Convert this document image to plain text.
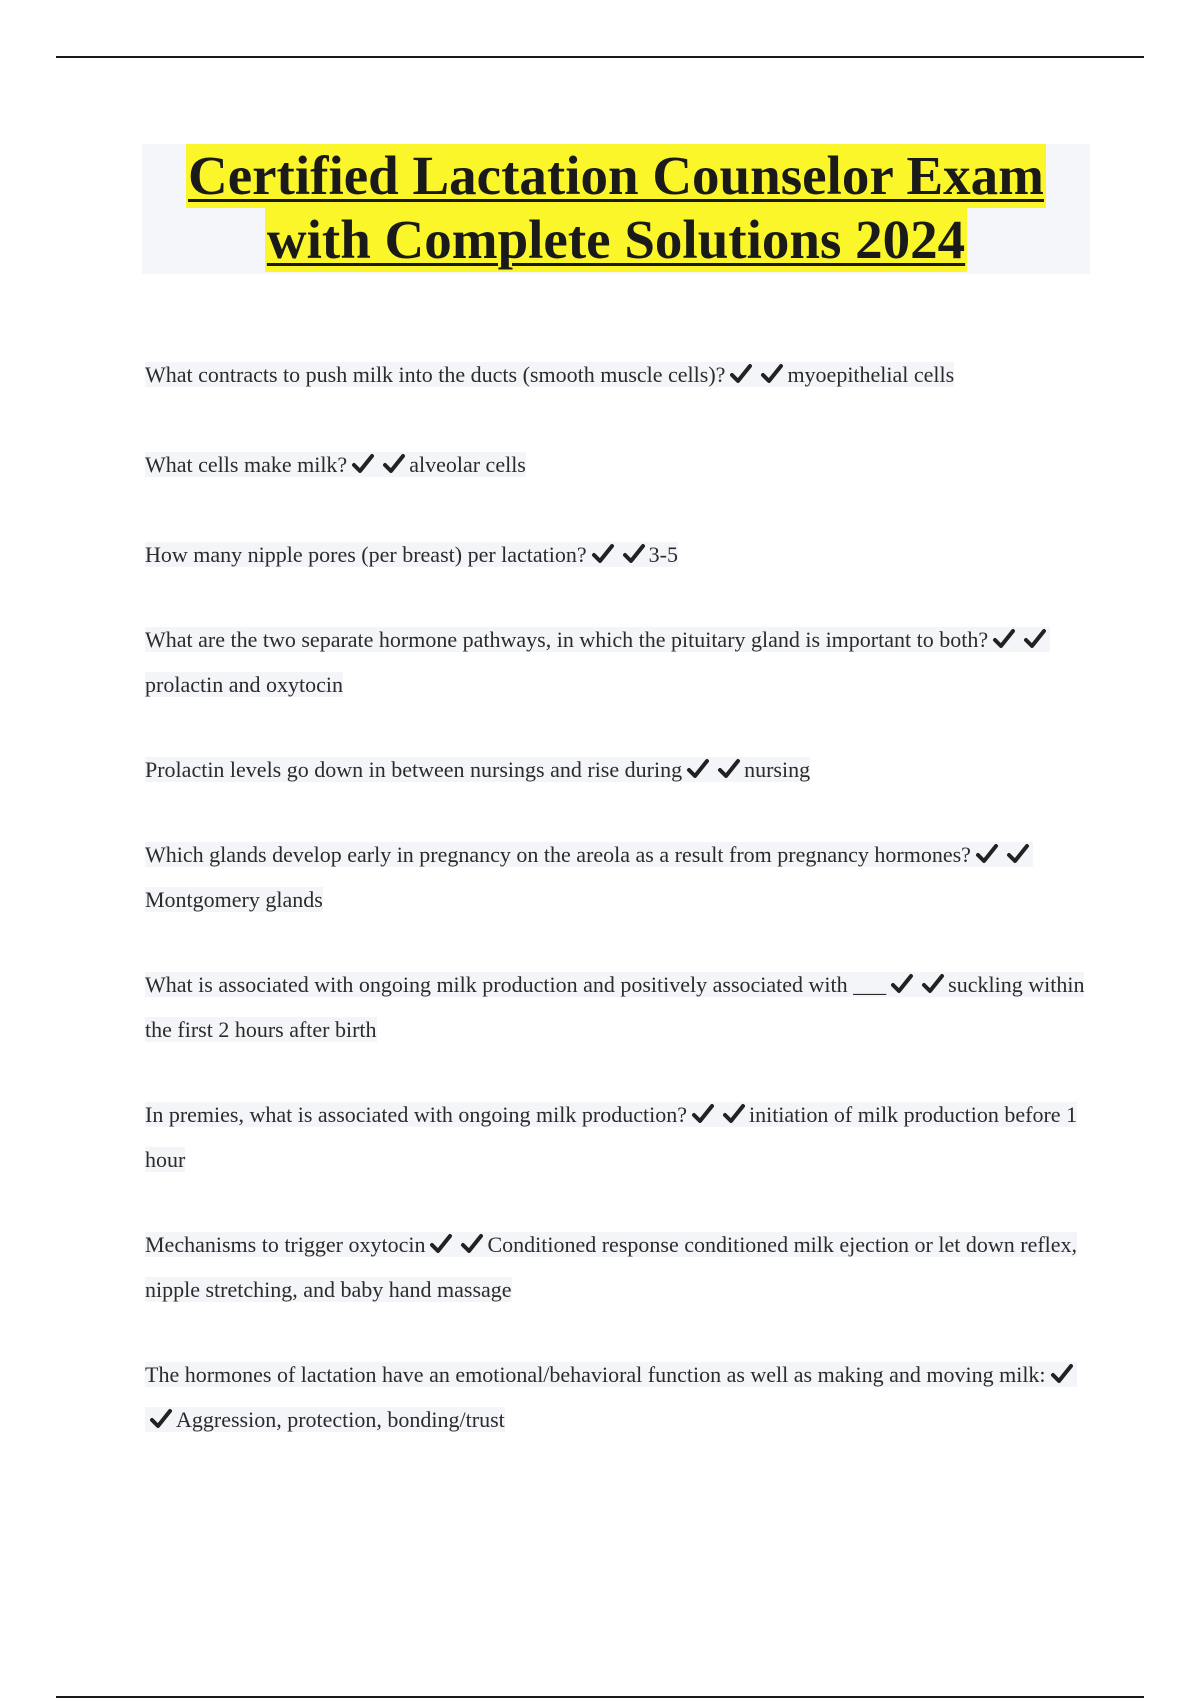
Certified Lactation Counselor Exam
with Complete Solutions 2024
What contracts to push milk into the ducts (smooth muscle cells)?	myoepithelial cells
What cells make milk?	alveolar cells
How many nipple pores (per breast) per lactation?	3-5
What are the two separate hormone pathways, in which the pituitary gland is important to both?
prolactin and oxytocin
Prolactin levels go down in between nursings and rise during	nursing
Which glands develop early in pregnancy on the areola as a result from pregnancy hormones?
Montgomery glands
What is associated with ongoing milk production and positively associated with ___	suckling within the first 2 hours after birth
In premies, what is associated with ongoing milk production?	initiation of milk production before 1 hour
Mechanisms to trigger oxytocin	Conditioned response conditioned milk ejection or let down reflex, nipple stretching, and baby hand massage
The hormones of lactation have an emotional/behavioral function as well as making and moving milk:
Aggression, protection, bonding/trust
